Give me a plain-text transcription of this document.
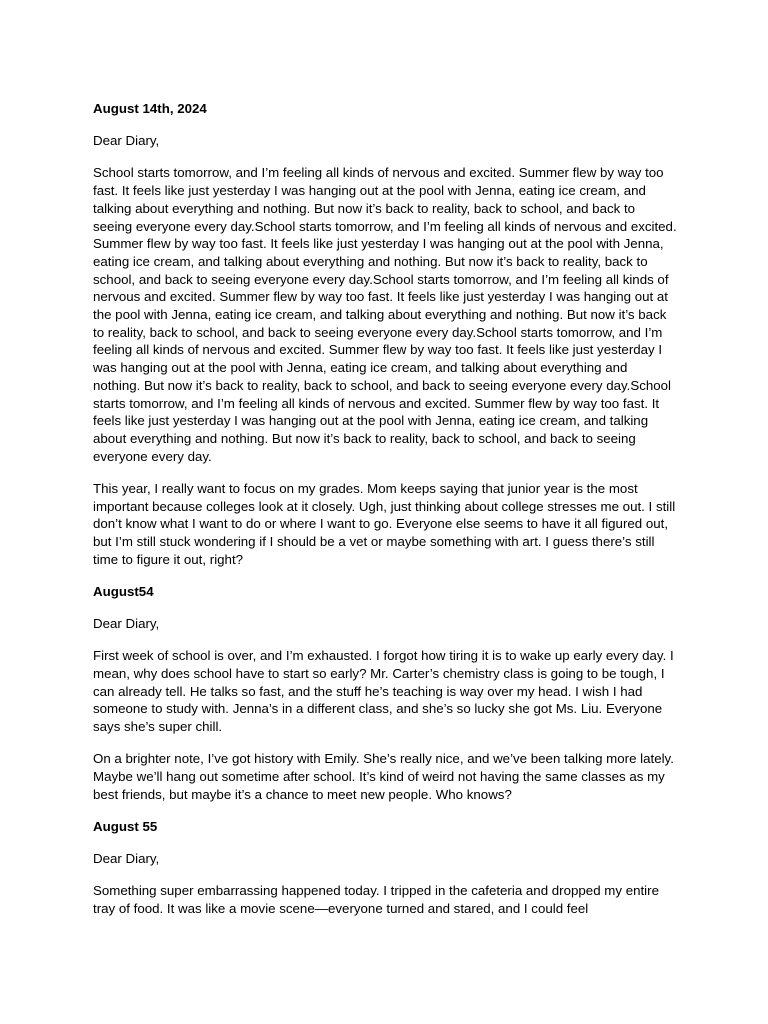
August 14th, 2024

Dear Diary,

School starts tomorrow, and I’m feeling all kinds of nervous and excited. Summer flew by way too fast. It feels like just yesterday I was hanging out at the pool with Jenna, eating ice cream, and talking about everything and nothing. But now it’s back to reality, back to school, and back to seeing everyone every day.School starts tomorrow, and I’m feeling all kinds of nervous and excited. Summer flew by way too fast. It feels like just yesterday I was hanging out at the pool with Jenna, eating ice cream, and talking about everything and nothing. But now it’s back to reality, back to school, and back to seeing everyone every day.School starts tomorrow, and I’m feeling all kinds of nervous and excited. Summer flew by way too fast. It feels like just yesterday I was hanging out at the pool with Jenna, eating ice cream, and talking about everything and nothing. But now it’s back to reality, back to school, and back to seeing everyone every day.School starts tomorrow, and I’m feeling all kinds of nervous and excited. Summer flew by way too fast. It feels like just yesterday I was hanging out at the pool with Jenna, eating ice cream, and talking about everything and nothing. But now it’s back to reality, back to school, and back to seeing everyone every day.School starts tomorrow, and I’m feeling all kinds of nervous and excited. Summer flew by way too fast. It feels like just yesterday I was hanging out at the pool with Jenna, eating ice cream, and talking about everything and nothing. But now it’s back to reality, back to school, and back to seeing everyone every day.

This year, I really want to focus on my grades. Mom keeps saying that junior year is the most important because colleges look at it closely. Ugh, just thinking about college stresses me out. I still don’t know what I want to do or where I want to go. Everyone else seems to have it all figured out, but I’m still stuck wondering if I should be a vet or maybe something with art. I guess there’s still time to figure it out, right?

August54

Dear Diary,

First week of school is over, and I’m exhausted. I forgot how tiring it is to wake up early every day. I mean, why does school have to start so early? Mr. Carter’s chemistry class is going to be tough, I can already tell. He talks so fast, and the stuff he’s teaching is way over my head. I wish I had someone to study with. Jenna’s in a different class, and she’s so lucky she got Ms. Liu. Everyone says she’s super chill.

On a brighter note, I’ve got history with Emily. She’s really nice, and we’ve been talking more lately. Maybe we’ll hang out sometime after school. It’s kind of weird not having the same classes as my best friends, but maybe it’s a chance to meet new people. Who knows?

August 55

Dear Diary,

Something super embarrassing happened today. I tripped in the cafeteria and dropped my entire tray of food. It was like a movie scene—everyone turned and stared, and I could feel
